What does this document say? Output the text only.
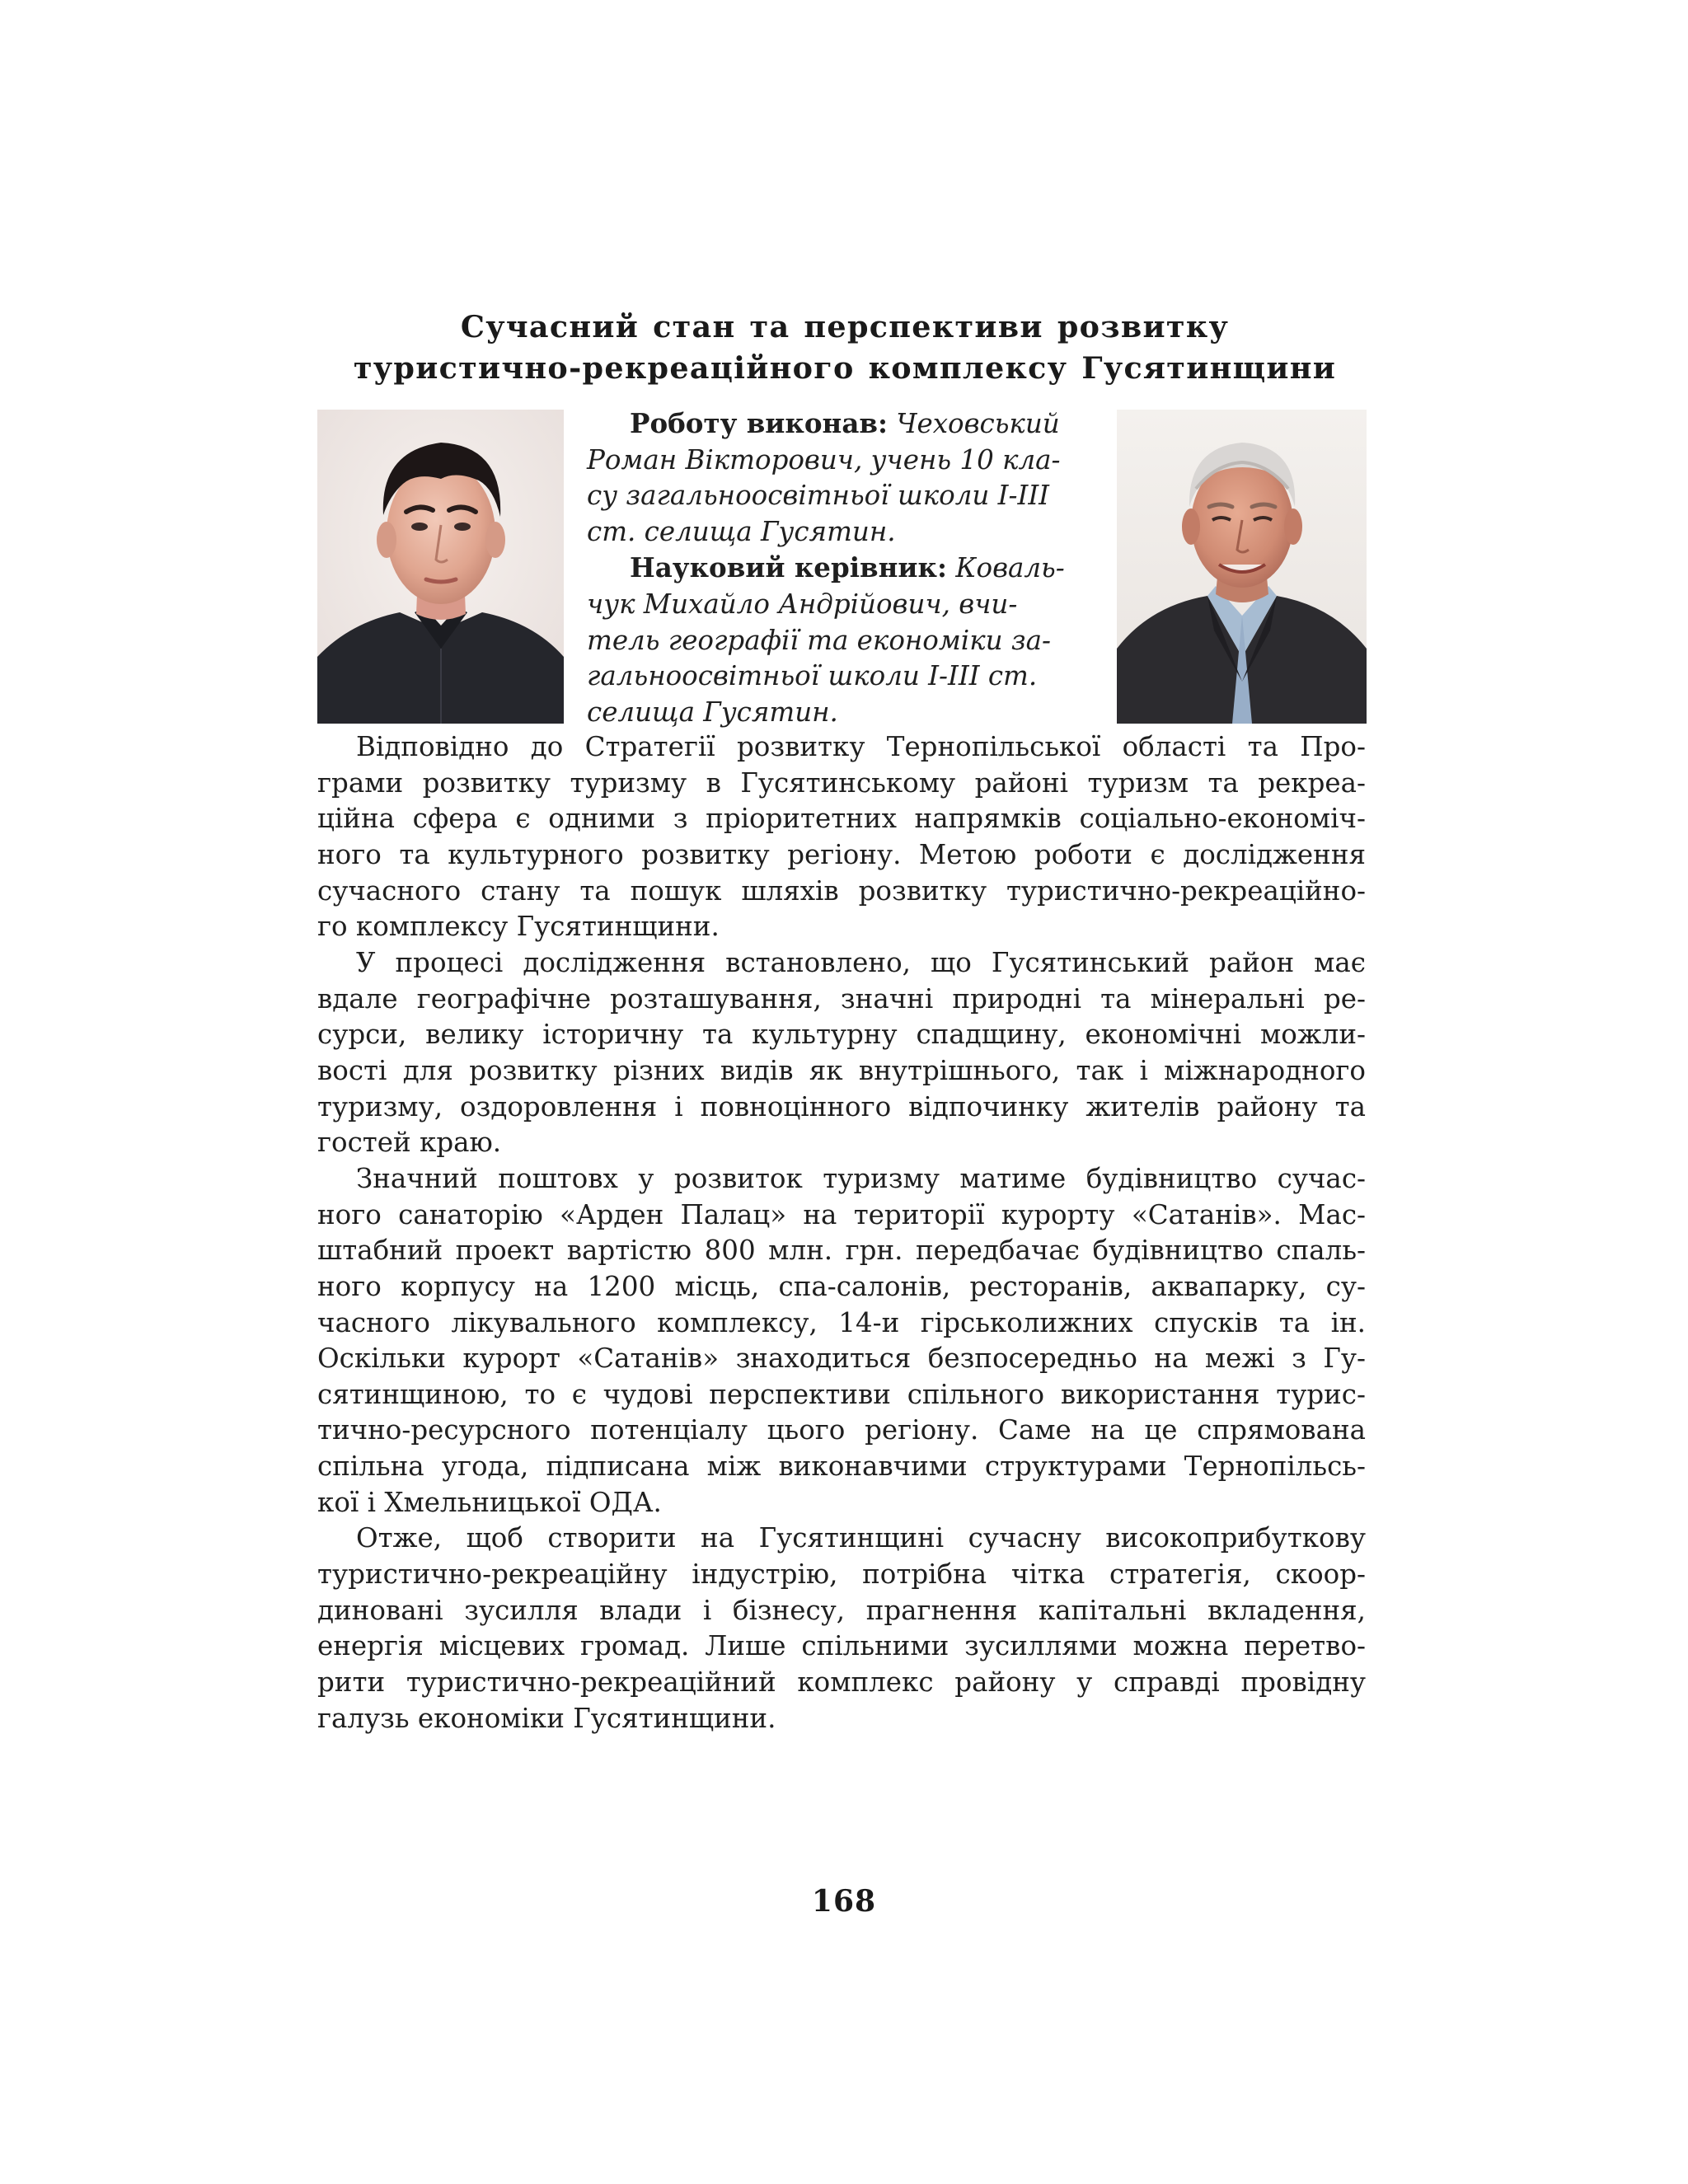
Сучасний стан та перспективи розвитку
туристично-рекреаційного комплексу Гусятинщини
Роботу виконав: Чеховський
Роман Вікторович, учень 10 кла-
су загальноосвітньої школи I-III
ст. селища Гусятин.
Науковий керівник: Коваль-
чук Михайло Андрійович, вчи-
тель географії та економіки за-
гальноосвітньої школи I-III ст.
селища Гусятин.
Відповідно до Стратегії розвитку Тернопільської області та Про-
грами розвитку туризму в Гусятинському районі туризм та рекреа-
ційна сфера є одними з пріоритетних напрямків соціально-економіч-
ного та культурного розвитку регіону. Метою роботи є дослідження
сучасного стану та пошук шляхів розвитку туристично-рекреаційно-
го комплексу Гусятинщини.
У процесі дослідження встановлено, що Гусятинський район має
вдале географічне розташування, значні природні та мінеральні ре-
сурси, велику історичну та культурну спадщину, економічні можли-
вості для розвитку різних видів як внутрішнього, так і міжнародного
туризму, оздоровлення і повноцінного відпочинку жителів району та
гостей краю.
Значний поштовх у розвиток туризму матиме будівництво сучас-
ного санаторію «Арден Палац» на території курорту «Сатанів». Мас-
штабний проект вартістю 800 млн. грн. передбачає будівництво спаль-
ного корпусу на 1200 місць, спа-салонів, ресторанів, аквапарку, су-
часного лікувального комплексу, 14-и гірськолижних спусків та ін.
Оскільки курорт «Сатанів» знаходиться безпосередньо на межі з Гу-
сятинщиною, то є чудові перспективи спільного використання турис-
тично-ресурсного потенціалу цього регіону. Саме на це спрямована
спільна угода, підписана між виконавчими структурами Тернопільсь-
кої і Хмельницької ОДА.
Отже, щоб створити на Гусятинщині сучасну високоприбуткову
туристично-рекреаційну індустрію, потрібна чітка стратегія, скоор-
диновані зусилля влади і бізнесу, прагнення капітальні вкладення,
енергія місцевих громад. Лише спільними зусиллями можна перетво-
рити туристично-рекреаційний комплекс району у справді провідну
галузь економіки Гусятинщини.
168
